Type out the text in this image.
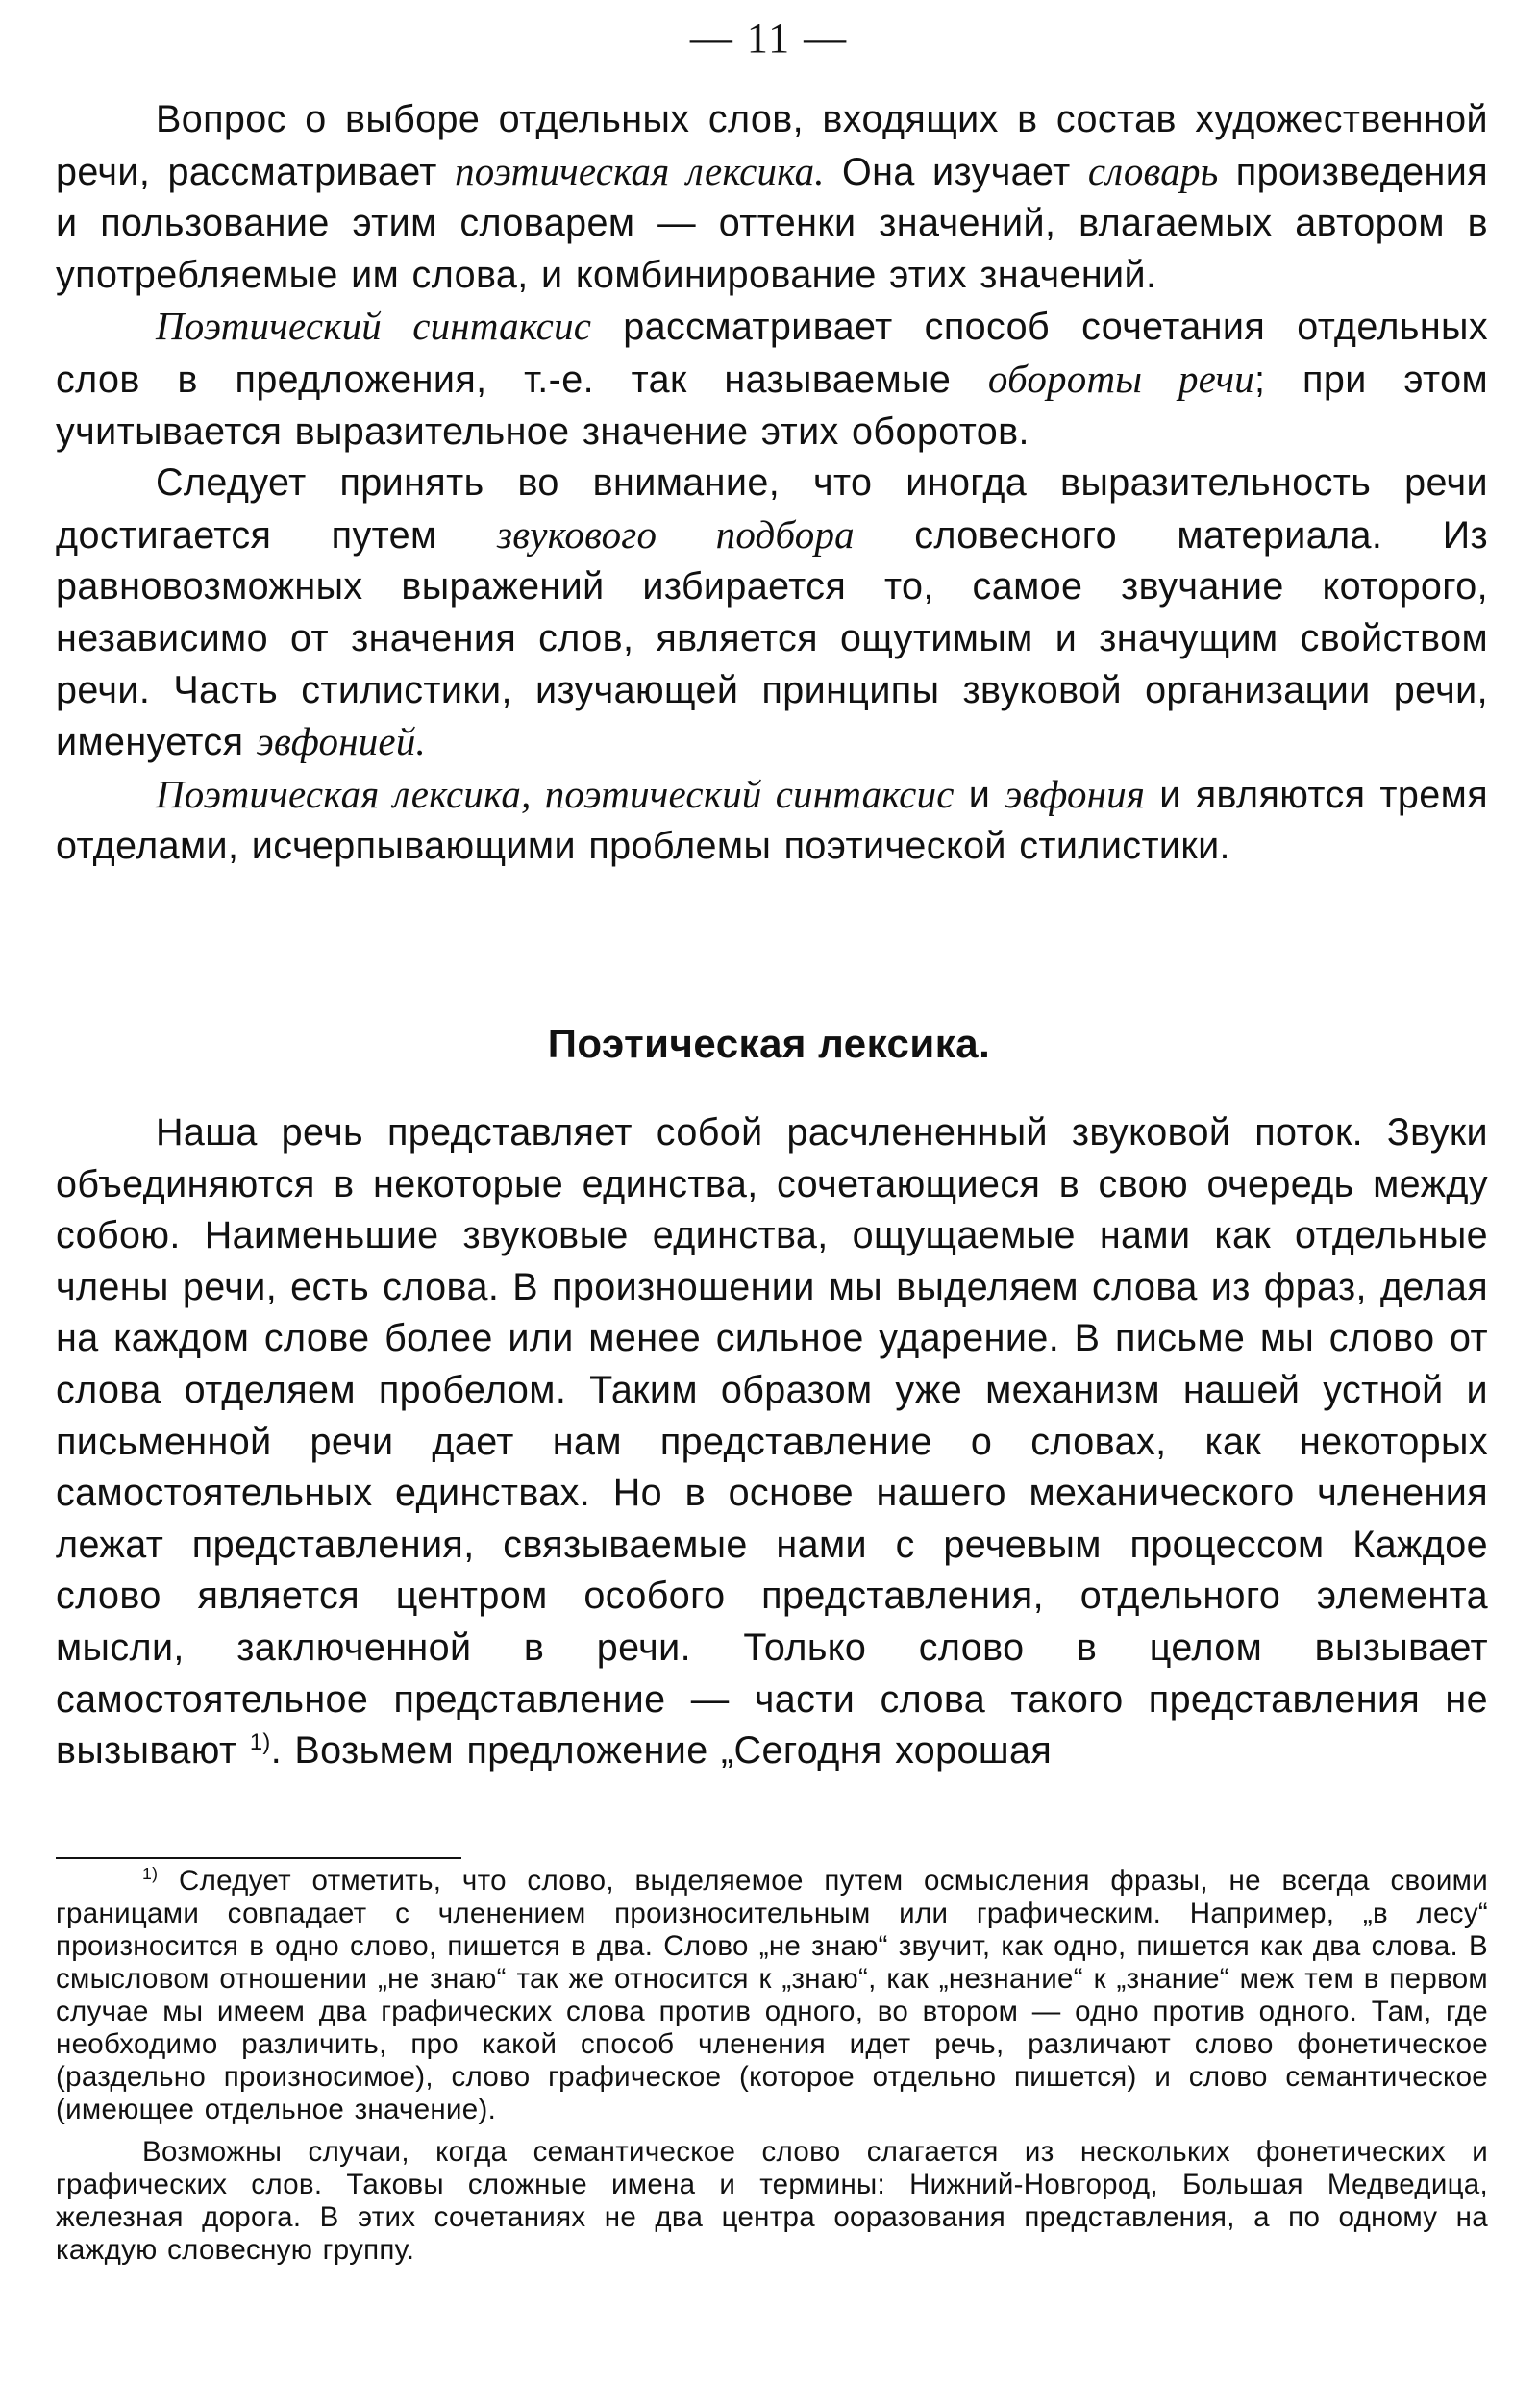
— 11 —

Вопрос о выборе отдельных слов, входящих в состав художественной речи, рассматривает поэтическая лексика. Она изучает словарь произведения и пользование этим словарем — оттенки значений, влагаемых автором в употребляемые им слова, и комбинирование этих значений.

Поэтический синтаксис рассматривает способ сочетания отдельных слов в предложения, т.-е. так называемые обороты речи; при этом учитывается выразительное значение этих оборотов.

Следует принять во внимание, что иногда выразительность речи достигается путем звукового подбора словесного материала. Из равновозможных выражений избирается то, самое звучание которого, независимо от значения слов, является ощутимым и значущим свойством речи. Часть стилистики, изучающей принципы звуковой организации речи, именуется эвфонией.

Поэтическая лексика, поэтический синтаксис и эвфония и являются тремя отделами, исчерпывающими проблемы поэтической стилистики.

Поэтическая лексика.

Наша речь представляет собой расчлененный звуковой поток. Звуки объединяются в некоторые единства, сочетающиеся в свою очередь между собою. Наименьшие звуковые единства, ощущаемые нами как отдельные члены речи, есть слова. В произношении мы выделяем слова из фраз, делая на каждом слове более или менее сильное ударение. В письме мы слово от слова отделяем пробелом. Таким образом уже механизм нашей устной и письменной речи дает нам представление о словах, как некоторых самостоятельных единствах. Но в основе нашего механического членения лежат представления, связываемые нами с речевым процессом Каждое слово является центром особого представления, отдельного элемента мысли, заключенной в речи. Только слово в целом вызывает самостоятельное представление — части слова такого представления не вызывают $^{1)}$. Возьмем предложение „Сегодня хорошая

$^{1)}$ Следует отметить, что слово, выделяемое путем осмысления фразы, не всегда своими границами совпадает с членением произносительным или графическим. Например, „в лесу“ произносится в одно слово, пишется в два. Слово „не знаю“ звучит, как одно, пишется как два слова. В смысловом отношении „не знаю“ так же относится к „знаю“, как „незнание“ к „знание“ меж тем в первом случае мы имеем два графических слова против одного, во втором — одно против одного. Там, где необходимо различить, про какой способ членения идет речь, различают слово фонетическое (раздельно произносимое), слово графическое (которое отдельно пишется) и слово семантическое (имеющее отдельное значение).

Возможны случаи, когда семантическое слово слагается из нескольких фонетических и графических слов. Таковы сложные имена и термины: Нижний-Новгород, Большая Медведица, железная дорога. В этих сочетаниях не два центра ооразования представления, а по одному на каждую словесную группу.
